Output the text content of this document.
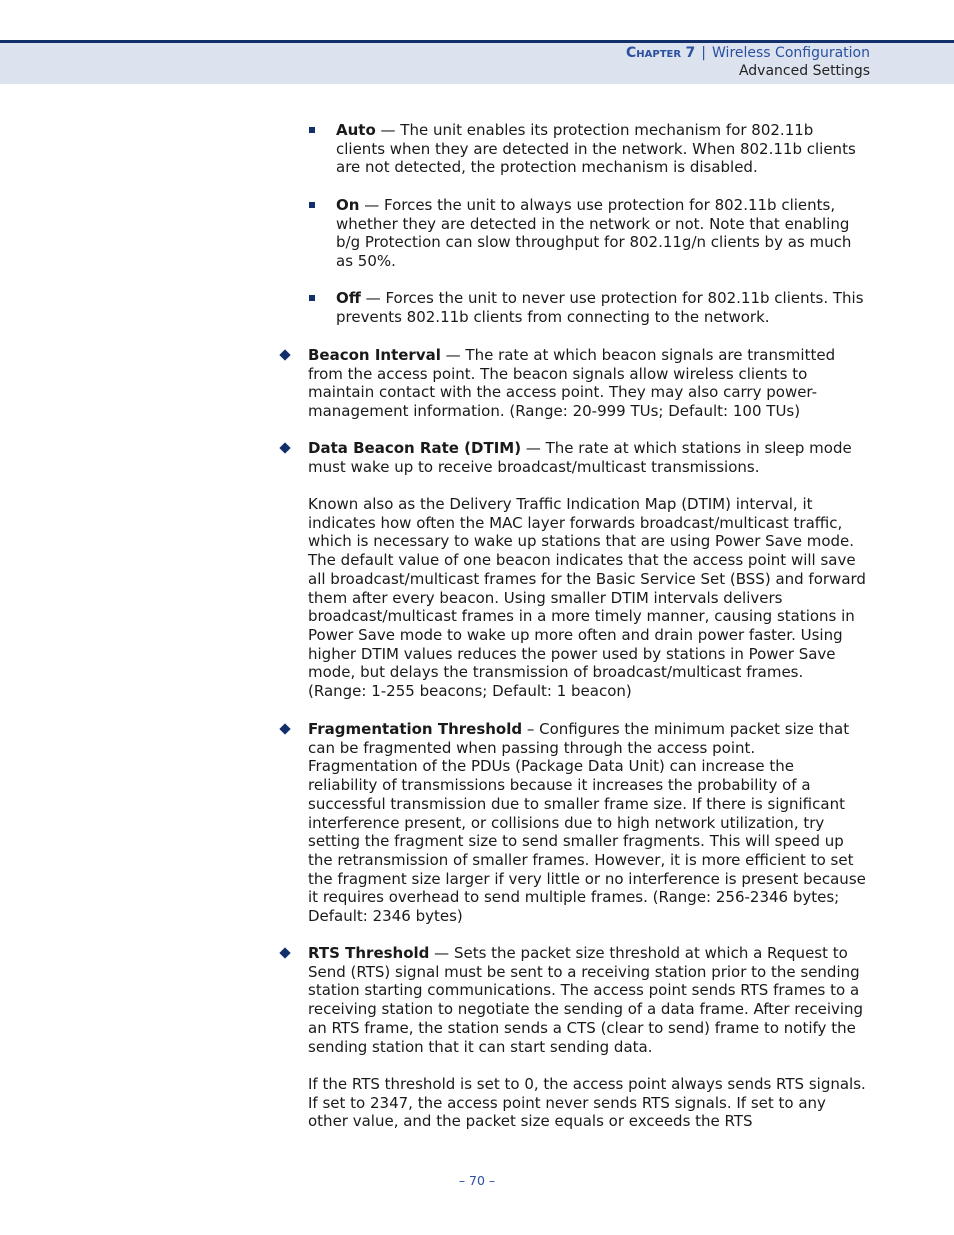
Chapter 7 | Wireless Configuration
Advanced Settings
Auto — The unit enables its protection mechanism for 802.11b clients when they are detected in the network. When 802.11b clients are not detected, the protection mechanism is disabled.
On — Forces the unit to always use protection for 802.11b clients, whether they are detected in the network or not. Note that enabling b/g Protection can slow throughput for 802.11g/n clients by as much as 50%.
Off — Forces the unit to never use protection for 802.11b clients. This prevents 802.11b clients from connecting to the network.
Beacon Interval — The rate at which beacon signals are transmitted from the access point. The beacon signals allow wireless clients to maintain contact with the access point. They may also carry power-management information. (Range: 20-999 TUs; Default: 100 TUs)
Data Beacon Rate (DTIM) — The rate at which stations in sleep mode must wake up to receive broadcast/multicast transmissions.
Known also as the Delivery Traffic Indication Map (DTIM) interval, it indicates how often the MAC layer forwards broadcast/multicast traffic, which is necessary to wake up stations that are using Power Save mode. The default value of one beacon indicates that the access point will save all broadcast/multicast frames for the Basic Service Set (BSS) and forward them after every beacon. Using smaller DTIM intervals delivers broadcast/multicast frames in a more timely manner, causing stations in Power Save mode to wake up more often and drain power faster. Using higher DTIM values reduces the power used by stations in Power Save mode, but delays the transmission of broadcast/multicast frames. (Range: 1-255 beacons; Default: 1 beacon)
Fragmentation Threshold – Configures the minimum packet size that can be fragmented when passing through the access point. Fragmentation of the PDUs (Package Data Unit) can increase the reliability of transmissions because it increases the probability of a successful transmission due to smaller frame size. If there is significant interference present, or collisions due to high network utilization, try setting the fragment size to send smaller fragments. This will speed up the retransmission of smaller frames. However, it is more efficient to set the fragment size larger if very little or no interference is present because it requires overhead to send multiple frames. (Range: 256-2346 bytes; Default: 2346 bytes)
RTS Threshold — Sets the packet size threshold at which a Request to Send (RTS) signal must be sent to a receiving station prior to the sending station starting communications. The access point sends RTS frames to a receiving station to negotiate the sending of a data frame. After receiving an RTS frame, the station sends a CTS (clear to send) frame to notify the sending station that it can start sending data.
If the RTS threshold is set to 0, the access point always sends RTS signals. If set to 2347, the access point never sends RTS signals. If set to any other value, and the packet size equals or exceeds the RTS
– 70 –
